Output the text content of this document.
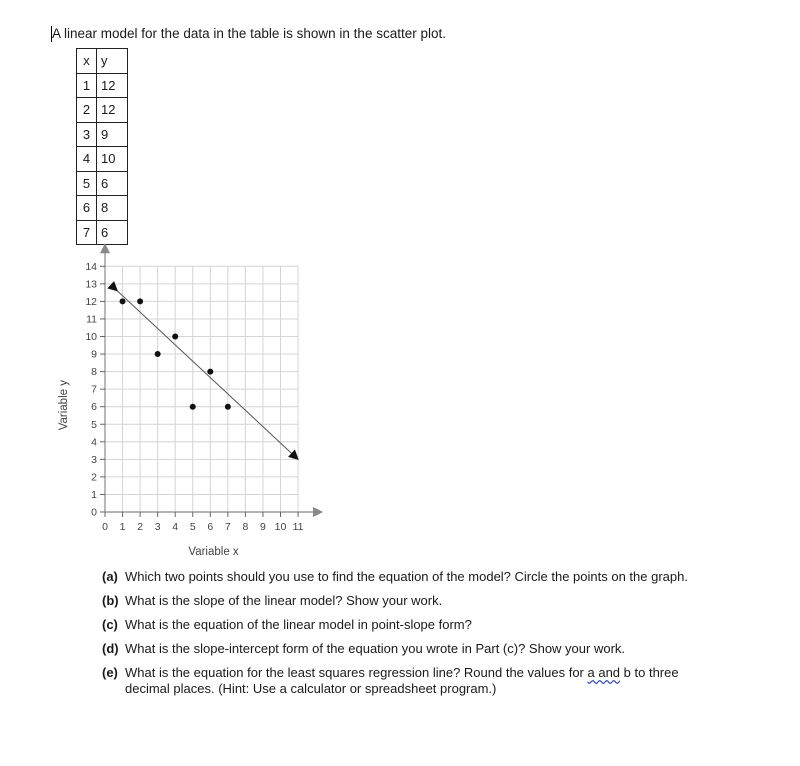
A linear model for the data in the table is shown in the scatter plot.
x	y
1	12
2	12
3	9
4	10
5	6
6	8
7	6
0
1
2
3
4
5
6
7
8
9
10
11
12
13
14
0 1 2 3 4 5 6 7 8 9 10 11
Variable x
Variable y
(a) Which two points should you use to find the equation of the model? Circle the points on the graph.
(b) What is the slope of the linear model? Show your work.
(c) What is the equation of the linear model in point-slope form?
(d) What is the slope-intercept form of the equation you wrote in Part (c)? Show your work.
(e) What is the equation for the least squares regression line? Round the values for a and b to three
decimal places. (Hint: Use a calculator or spreadsheet program.)
